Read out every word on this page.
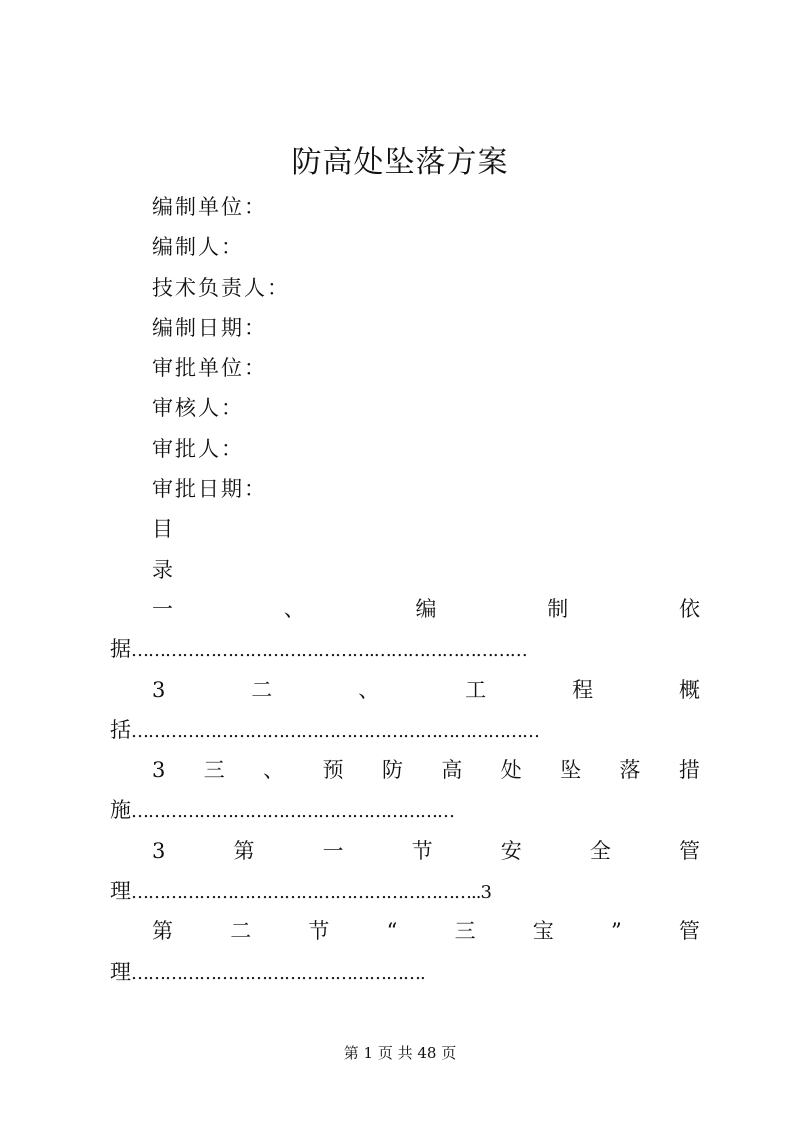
防高处坠落方案
编制单位：
编制人：
技术负责人：
编制日期：
审批单位：
审核人：
审批人：
审批日期：
目
录
一	、	编	制	依
据…………………………………….………………………
3	二	、	工	程	概
括………………………………………………………………
3 三 、 预 防 高 处 坠 落 措
施…………………………………………………
3	第	一	节	安	全	管
理……………………………………………………..3
第	二	节	“	三	宝	”	管
理…………………………………………….
第 1 页 共 48 页
